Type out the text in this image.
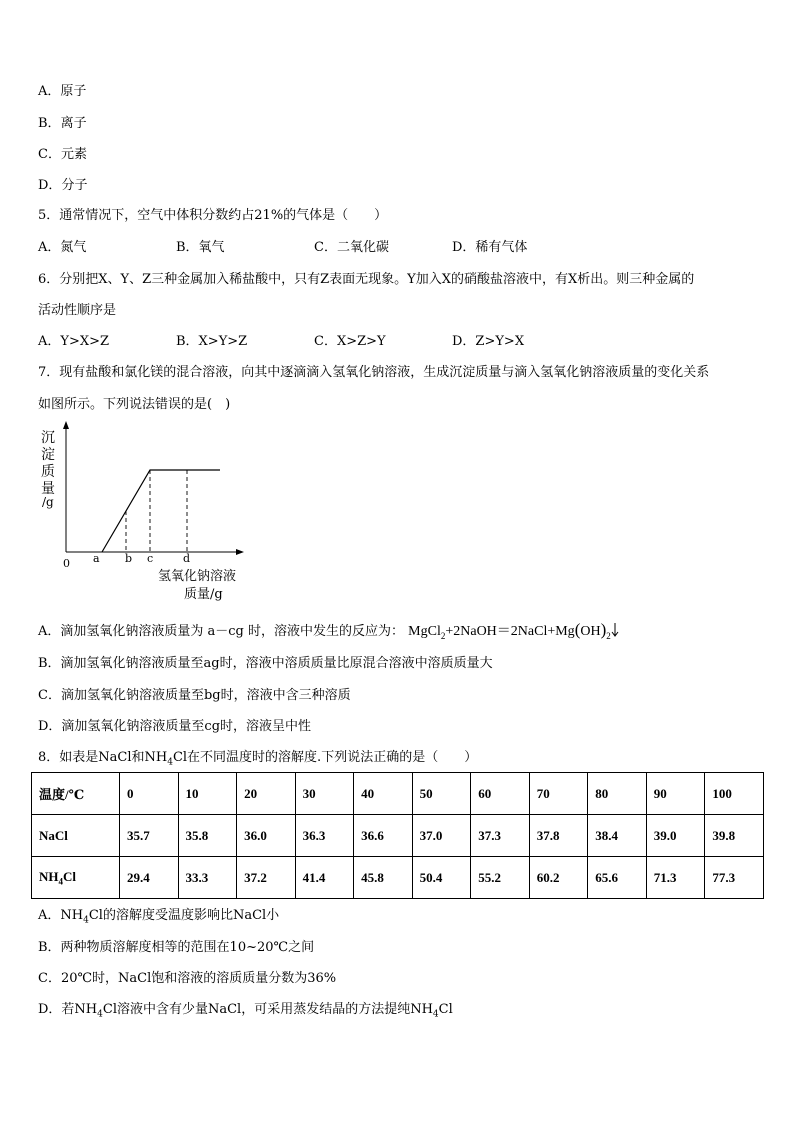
A．原子
B．离子
C．元素
D．分子
5．通常情况下，空气中体积分数约占21%的气体是（　　）
A．氮气	B．氧气	C．二氧化碳	D．稀有气体
6．分别把X、Y、Z三种金属加入稀盐酸中，只有Z表面无现象。Y加入X的硝酸盐溶液中，有X析出。则三种金属的
活动性顺序是
A．Y>X>Z	B．X>Y>Z	C．X>Z>Y	D．Z>Y>X
7．现有盐酸和氯化镁的混合溶液，向其中逐滴滴入氢氧化钠溶液，生成沉淀质量与滴入氢氧化钠溶液质量的变化关系
如图所示。下列说法错误的是(　)
沉
淀
质
量
/g
0 a b c	d
氢氧化钠溶液
质量/g
A．滴加氢氧化钠溶液质量为 a－cg 时，溶液中发生的反应为： $MgCl_2+2NaOH=2NaCl+Mg(OH)_2$
B．滴加氢氧化钠溶液质量至ag时，溶液中溶质质量比原混合溶液中溶质质量大
C．滴加氢氧化钠溶液质量至bg时，溶液中含三种溶质
D．滴加氢氧化钠溶液质量至cg时，溶液呈中性
8．如表是NaCl和$NH_4Cl$在不同温度时的溶解度.下列说法正确的是（　　）
温度/℃	0	10	20	30	40	50	60	70	80	90	100
NaCl	35.7	35.8	36.0	36.3	36.6	37.0	37.3	37.8	38.4	39.0	39.8
$NH_4Cl$	29.4	33.3	37.2	41.4	45.8	50.4	55.2	60.2	65.6	71.3	77.3
A．$NH_4Cl$的溶解度受温度影响比NaCl小
B．两种物质溶解度相等的范围在10~20℃之间
C．20℃时，NaCl饱和溶液的溶质质量分数为36%
D．若$NH_4Cl$溶液中含有少量NaCl，可采用蒸发结晶的方法提纯$NH_4Cl$
